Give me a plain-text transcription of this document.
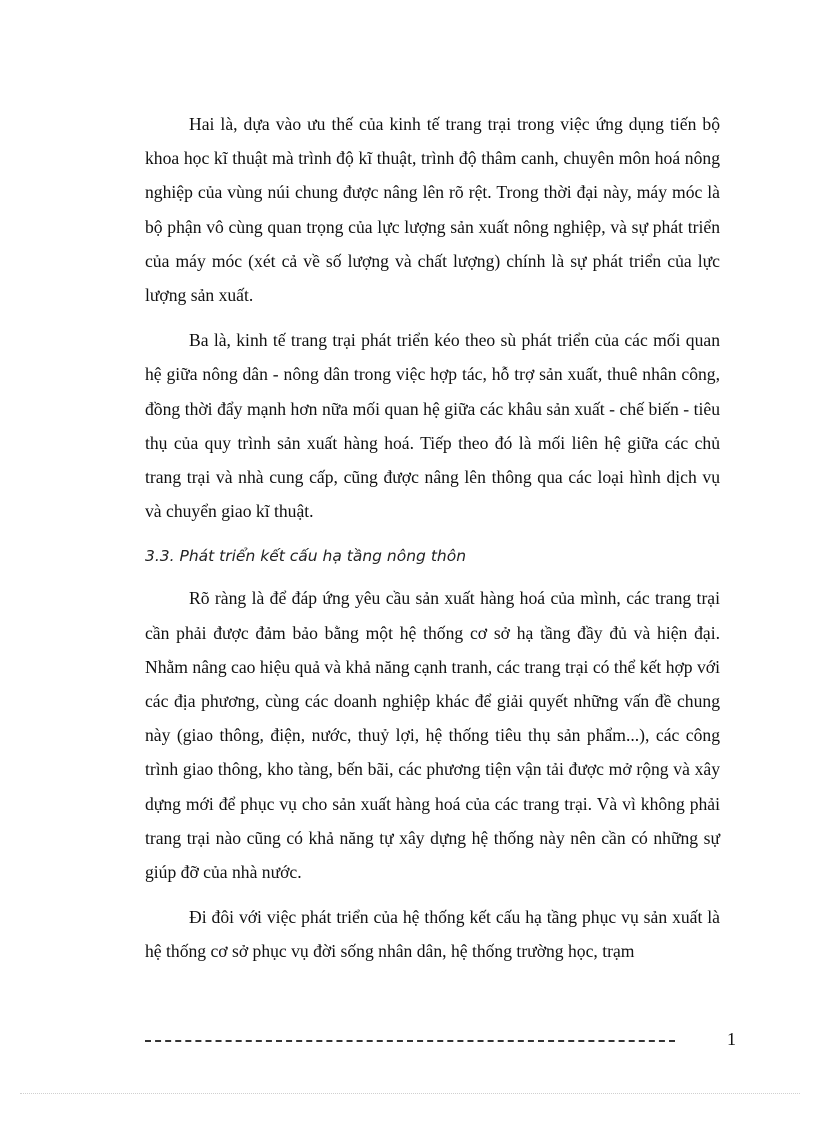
Hai là, dựa vào ưu thế của kinh tế trang trại trong việc ứng dụng tiến bộ khoa học kĩ thuật mà trình độ kĩ thuật, trình độ thâm canh, chuyên môn hoá nông nghiệp của vùng núi chung được nâng lên rõ rệt. Trong thời đại này, máy móc là bộ phận vô cùng quan trọng của lực lượng sản xuất nông nghiệp, và sự phát triển của máy móc (xét cả về số lượng và chất lượng) chính là sự phát triển của lực lượng sản xuất.

Ba là, kinh tế trang trại phát triển kéo theo sù phát triển của các mối quan hệ giữa nông dân - nông dân trong việc hợp tác, hỗ trợ sản xuất, thuê nhân công, đồng thời đẩy mạnh hơn nữa mối quan hệ giữa các khâu sản xuất - chế biến - tiêu thụ của quy trình sản xuất hàng hoá. Tiếp theo đó là mối liên hệ giữa các chủ trang trại và nhà cung cấp, cũng được nâng lên thông qua các loại hình dịch vụ và chuyển giao kĩ thuật.

3.3. Phát triển kết cấu hạ tầng nông thôn

Rõ ràng là để đáp ứng yêu cầu sản xuất hàng hoá của mình, các trang trại cần phải được đảm bảo bằng một hệ thống cơ sở hạ tầng đầy đủ và hiện đại. Nhằm nâng cao hiệu quả và khả năng cạnh tranh, các trang trại có thể kết hợp với các địa phương, cùng các doanh nghiệp khác để giải quyết những vấn đề chung này (giao thông, điện, nước, thuỷ lợi, hệ thống tiêu thụ sản phẩm...), các công trình giao thông, kho tàng, bến bãi, các phương tiện vận tải được mở rộng và xây dựng mới để phục vụ cho sản xuất hàng hoá của các trang trại. Và vì không phải trang trại nào cũng có khả năng tự xây dựng hệ thống này nên cần có những sự giúp đỡ của nhà nước.

Đi đôi với việc phát triển của hệ thống kết cấu hạ tầng phục vụ sản xuất là hệ thống cơ sở phục vụ đời sống nhân dân, hệ thống trường học, trạm

1
